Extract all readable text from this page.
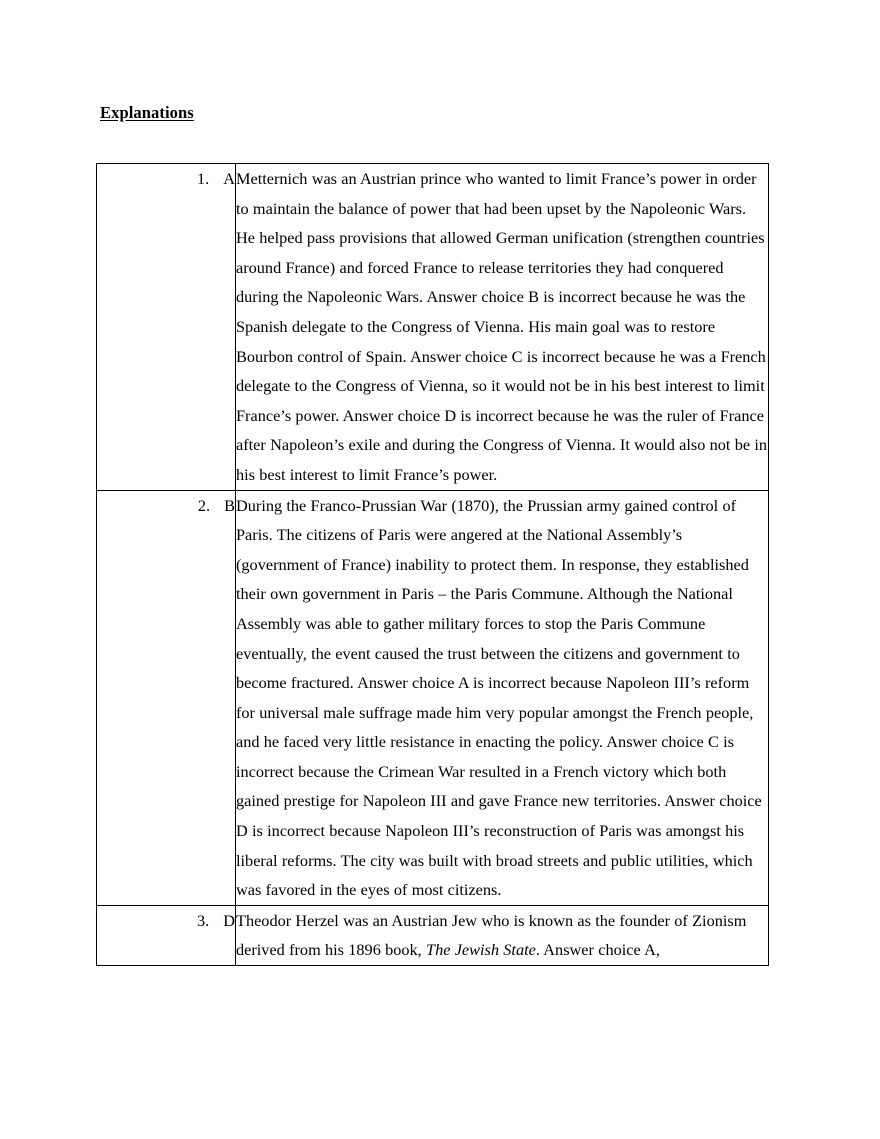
Explanations
1. A	Metternich was an Austrian prince who wanted to limit France’s power in order to maintain the balance of power that had been upset by the Napoleonic Wars. He helped pass provisions that allowed German unification (strengthen countries around France) and forced France to release territories they had conquered during the Napoleonic Wars. Answer choice B is incorrect because he was the Spanish delegate to the Congress of Vienna. His main goal was to restore Bourbon control of Spain. Answer choice C is incorrect because he was a French delegate to the Congress of Vienna, so it would not be in his best interest to limit France’s power. Answer choice D is incorrect because he was the ruler of France after Napoleon’s exile and during the Congress of Vienna. It would also not be in his best interest to limit France’s power.
2. B	During the Franco-Prussian War (1870), the Prussian army gained control of Paris. The citizens of Paris were angered at the National Assembly’s (government of France) inability to protect them. In response, they established their own government in Paris – the Paris Commune. Although the National Assembly was able to gather military forces to stop the Paris Commune eventually, the event caused the trust between the citizens and government to become fractured. Answer choice A is incorrect because Napoleon III’s reform for universal male suffrage made him very popular amongst the French people, and he faced very little resistance in enacting the policy. Answer choice C is incorrect because the Crimean War resulted in a French victory which both gained prestige for Napoleon III and gave France new territories. Answer choice D is incorrect because Napoleon III’s reconstruction of Paris was amongst his liberal reforms. The city was built with broad streets and public utilities, which was favored in the eyes of most citizens.
3. D	Theodor Herzel was an Austrian Jew who is known as the founder of Zionism derived from his 1896 book, The Jewish State. Answer choice A,
